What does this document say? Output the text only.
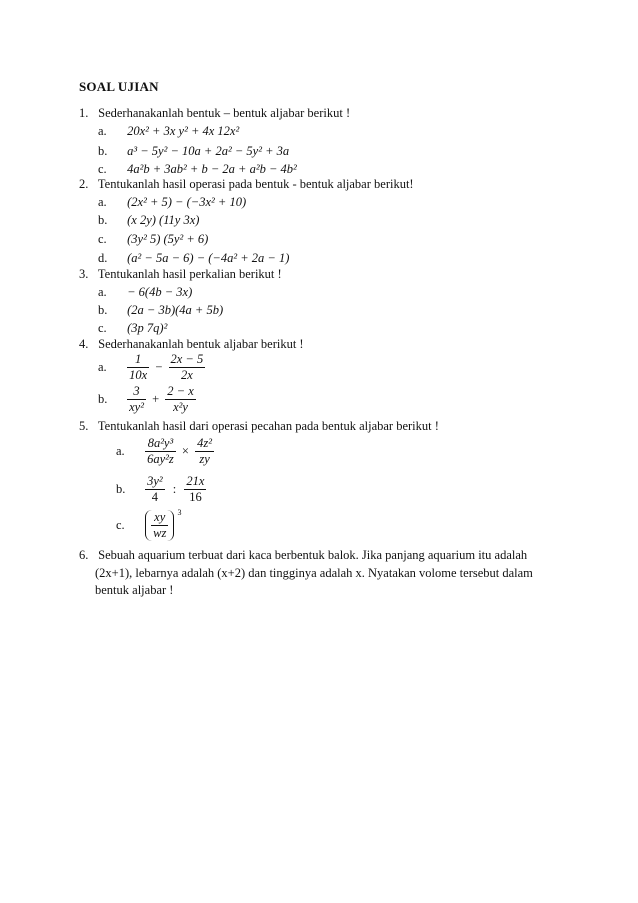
SOAL UJIAN
1. Sederhanakanlah bentuk – bentuk aljabar berikut !
a. 20x² + 3x y² + 4x 12x²
b. a³ − 5y² − 10a + 2a² − 5y² + 3a
c. 4a²b + 3ab² + b − 2a + a²b − 4b²
2. Tentukanlah hasil operasi pada bentuk - bentuk aljabar berikut!
a. (2x² + 5) − (−3x² + 10)
b. (x 2y) (11y 3x)
c. (3y² 5) (5y² + 6)
d. (a² − 5a − 6) − (−4a² + 2a − 1)
3. Tentukanlah hasil perkalian berikut !
a. − 6(4b − 3x)
b. (2a − 3b)(4a + 5b)
c. (3p 7q)²
4. Sederhanakanlah bentuk aljabar berikut !
a. $\frac{1}{10x} - \frac{2x - 5}{2x}$
b. $\frac{3}{\text{xy²}} + \frac{2 - x}{\text{x²y}}$
5. Tentukanlah hasil dari operasi pecahan pada bentuk aljabar berikut !
a. $\frac{\text{8a²y³}}{\text{6ay²z}} \times \frac{\text{4z²}}{zy}$
b. $\frac{\text{3y²}}{4}$ : $\frac{21x}{16}$
c. $\frac{xy}{wz} ^3$
6. Sebuah aquarium terbuat dari kaca berbentuk balok. Jika panjang aquarium itu adalah
(2x+1), lebarnya adalah (x+2) dan tingginya adalah x. Nyatakan volome tersebut dalam
bentuk aljabar !
